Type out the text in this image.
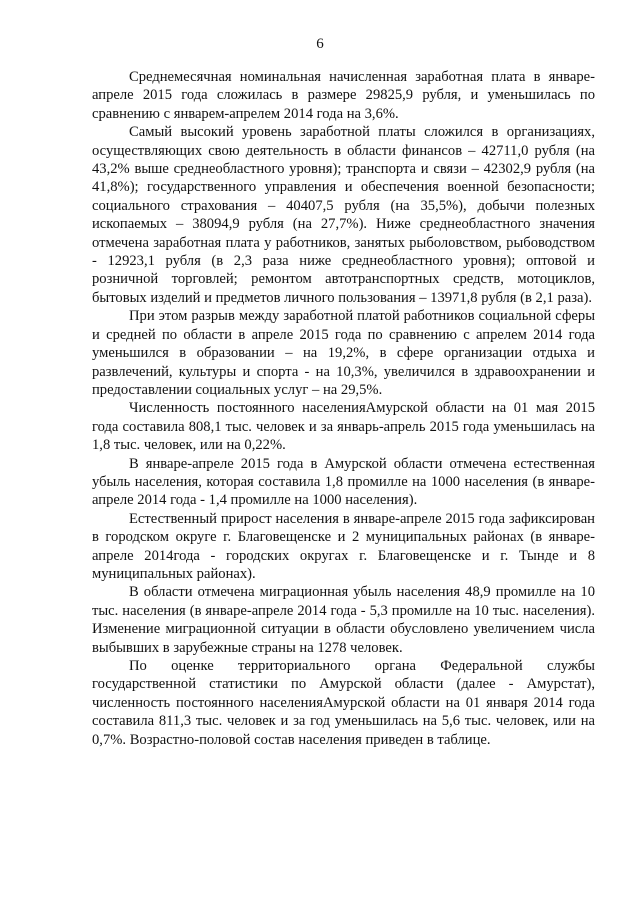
6

Среднемесячная номинальная начисленная заработная плата в январе-апреле 2015 года сложилась в размере 29825,9 рубля, и уменьшилась по сравнению с январем-апрелем 2014 года на 3,6%.

Самый высокий уровень заработной платы сложился в организациях, осуществляющих свою деятельность в области финансов – 42711,0 рубля (на 43,2% выше среднеобластного уровня); транспорта и связи – 42302,9 рубля (на 41,8%); государственного управления и обеспечения военной безопасности; социального страхования – 40407,5 рубля (на 35,5%), добычи полезных ископаемых – 38094,9 рубля (на 27,7%). Ниже среднеобластного значения отмечена заработная плата у работников, занятых рыболовством, рыбоводством - 12923,1 рубля (в 2,3 раза ниже среднеобластного уровня); оптовой и розничной торговлей; ремонтом автотранспортных средств, мотоциклов, бытовых изделий и предметов личного пользования – 13971,8 рубля (в 2,1 раза).

При этом разрыв между заработной платой работников социальной сферы и средней по области в апреле 2015 года по сравнению с апрелем 2014 года уменьшился в образовании – на 19,2%, в сфере организации отдыха и развлечений, культуры и спорта - на 10,3%, увеличился в здравоохранении и предоставлении социальных услуг – на 29,5%.

Численность постоянного населенияАмурской области на 01 мая 2015 года составила 808,1 тыс. человек и за январь-апрель 2015 года уменьшилась на 1,8 тыс. человек, или на 0,22%.

В январе-апреле 2015 года в Амурской области отмечена естественная убыль населения, которая составила 1,8 промилле на 1000 населения (в январе-апреле 2014 года - 1,4 промилле на 1000 населения).

Естественный прирост населения в январе-апреле 2015 года зафиксирован в городском округе г. Благовещенске и 2 муниципальных районах (в январе-апреле 2014года - городских округах г. Благовещенске и г. Тынде и 8 муниципальных районах).

В области отмечена миграционная убыль населения 48,9 промилле на 10 тыс. населения (в январе-апреле 2014 года - 5,3 промилле на 10 тыс. населения). Изменение миграционной ситуации в области обусловлено увеличением числа выбывших в зарубежные страны на 1278 человек.

По оценке территориального органа Федеральной службы государственной статистики по Амурской области (далее - Амурстат), численность постоянного населенияАмурской области на 01 января 2014 года составила 811,3 тыс. человек и за год уменьшилась на 5,6 тыс. человек, или на 0,7%. Возрастно-половой состав населения приведен в таблице.
